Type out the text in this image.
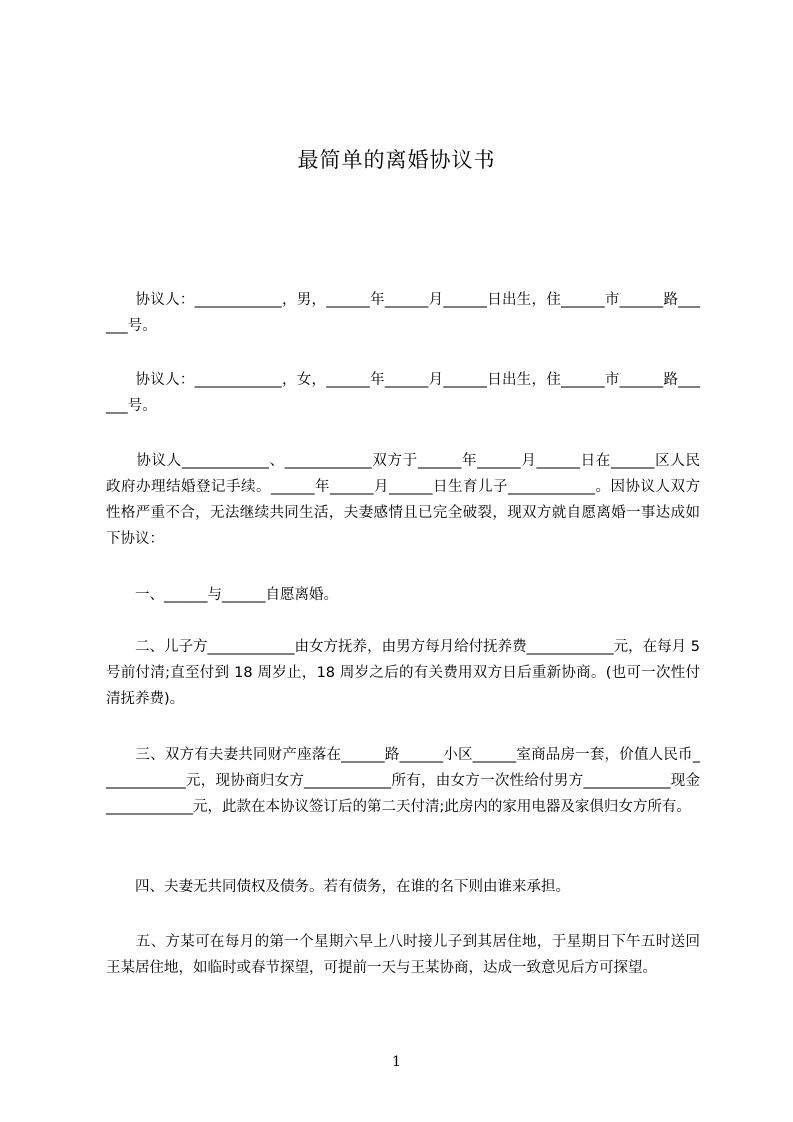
最简单的离婚协议书
　　协议人：____________，男，______年______月______日出生，住______市______路______号。
　　协议人：____________，女，______年______月______日出生，住______市______路______号。
　　协议人____________、____________双方于______年______月______日在______区人民政府办理结婚登记手续。______年______月______日生育儿子____________。因协议人双方性格严重不合，无法继续共同生活，夫妻感情且已完全破裂，现双方就自愿离婚一事达成如下协议：
　　一、______与______自愿离婚。
　　二、儿子方____________由女方抚养，由男方每月给付抚养费____________元，在每月 5 号前付清;直至付到 18 周岁止，18 周岁之后的有关费用双方日后重新协商。(也可一次性付清抚养费)。
　　三、双方有夫妻共同财产座落在______路______小区______室商品房一套，价值人民币____________元，现协商归女方____________所有，由女方一次性给付男方____________现金____________元，此款在本协议签订后的第二天付清;此房内的家用电器及家俱归女方所有。
　　四、夫妻无共同债权及债务。若有债务，在谁的名下则由谁来承担。
　　五、方某可在每月的第一个星期六早上八时接儿子到其居住地，于星期日下午五时送回王某居住地，如临时或春节探望，可提前一天与王某协商，达成一致意见后方可探望。
1
